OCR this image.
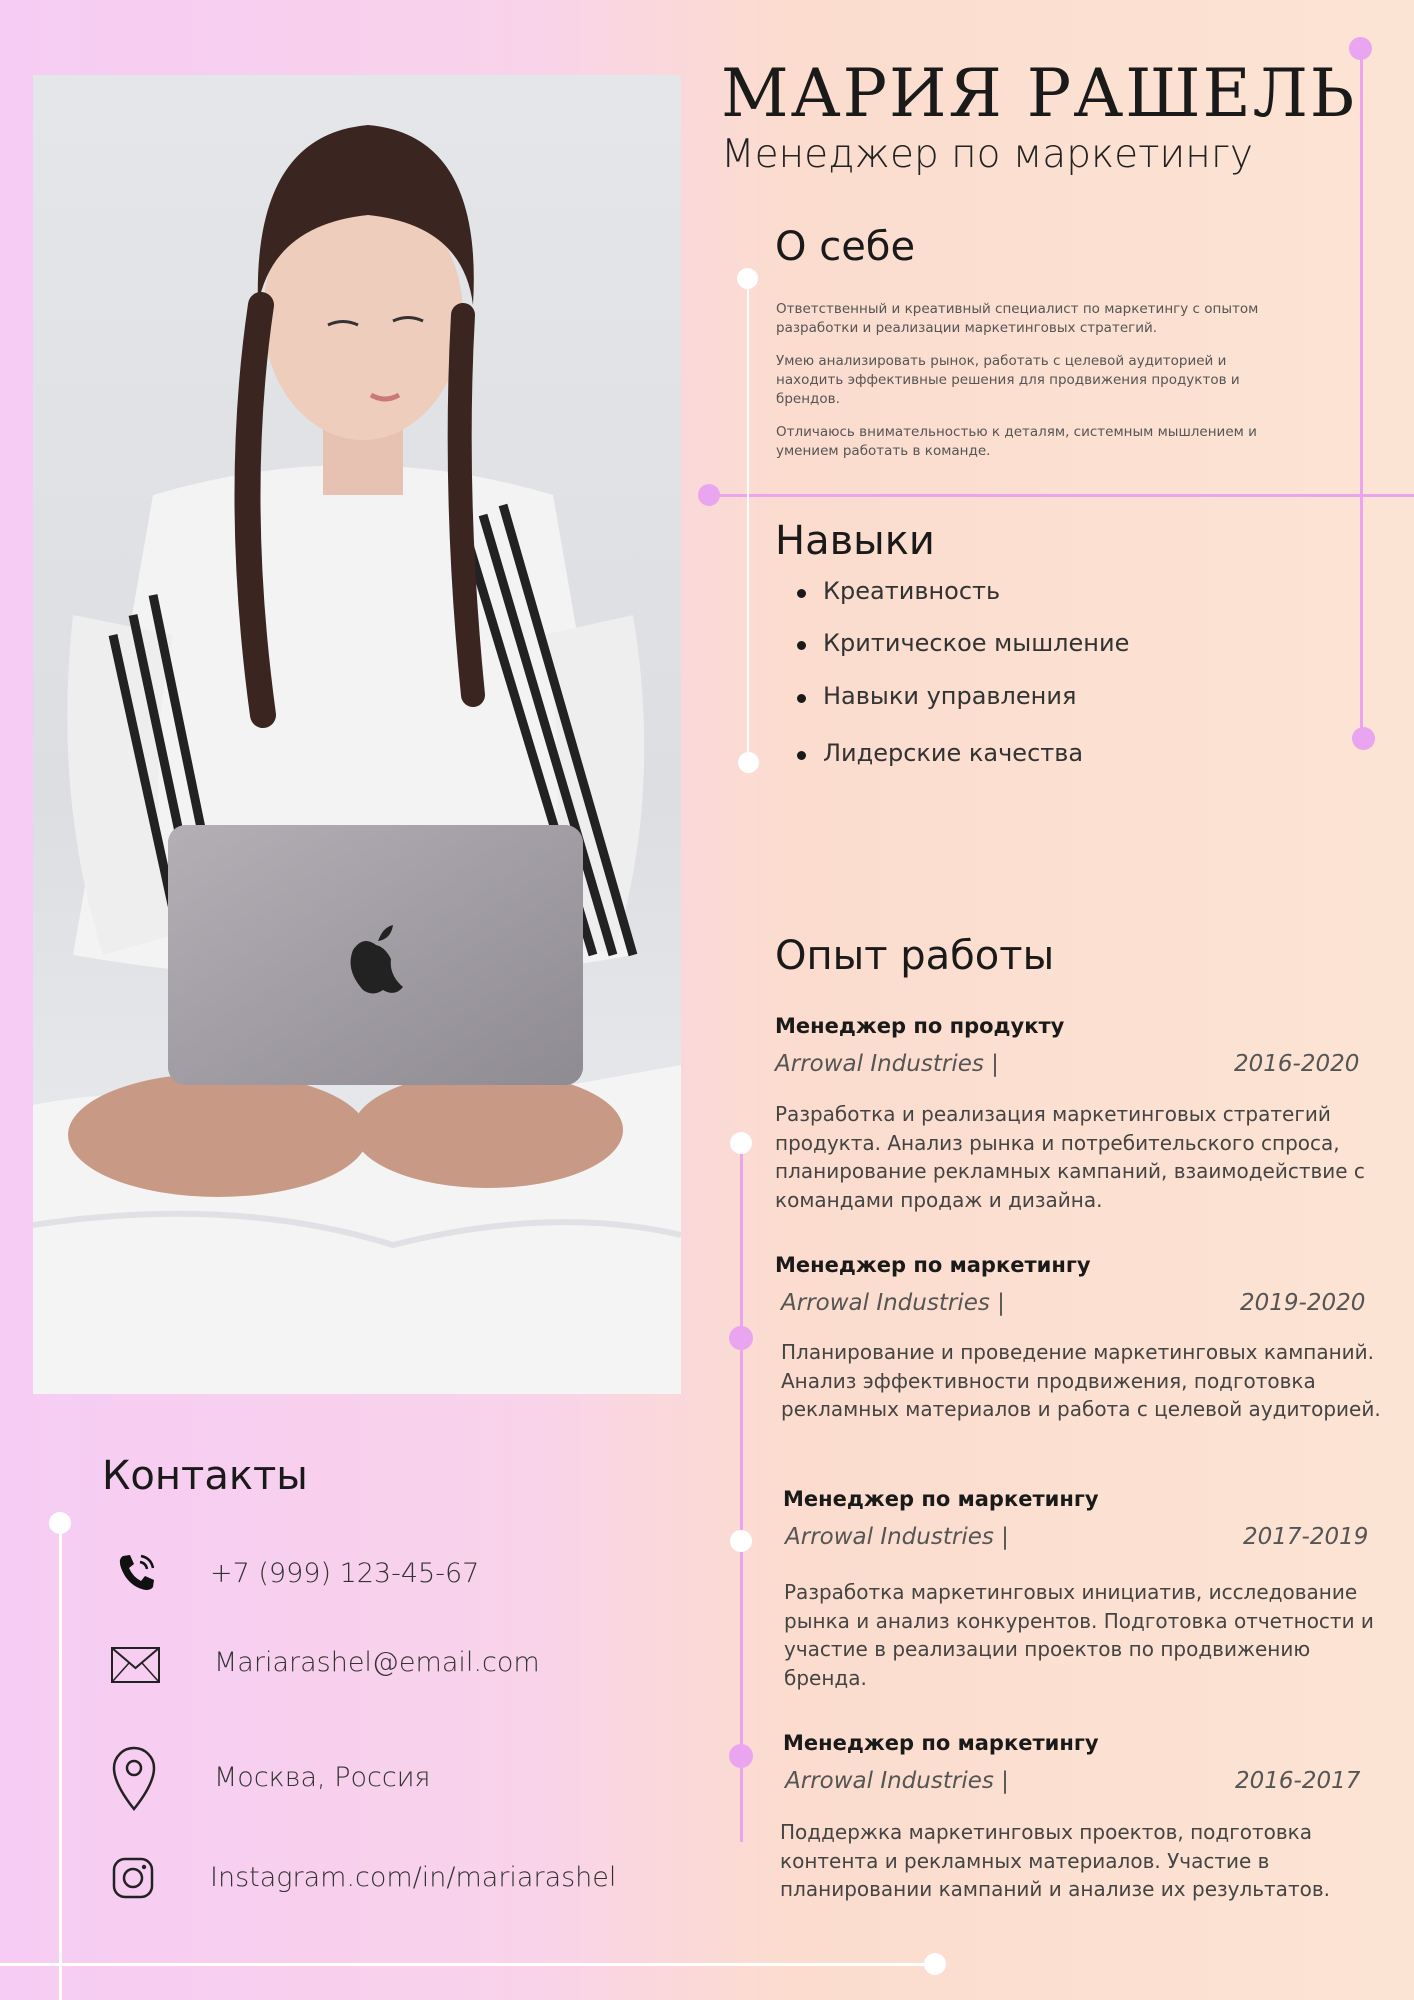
МАРИЯ РАШЕЛЬ
Менеджер по маркетингу
О себе

Ответственный и креативный специалист по маркетингу с опытом разработки и реализации маркетинговых стратегий.

Умею анализировать рынок, работать с целевой аудиторией и находить эффективные решения для продвижения продуктов и брендов.

Отличаюсь внимательностью к деталям, системным мышлением и умением работать в команде.

Навыки
Креативность
Критическое мышление
Навыки управления
Лидерские качества
Опыт работы
Менеджер по продукту
Arrowal Industries |	2016-2020
Разработка и реализация маркетинговых стратегий продукта. Анализ рынка и потребительского спроса, планирование рекламных кампаний, взаимодействие с командами продаж и дизайна.
Менеджер по маркетингу
Arrowal Industries |	2019-2020
Планирование и проведение маркетинговых кампаний. Анализ эффективности продвижения, подготовка рекламных материалов и работа с целевой аудиторией.
Менеджер по маркетингу
Arrowal Industries |	2017-2019
Разработка маркетинговых инициатив, исследование рынка и анализ конкурентов. Подготовка отчетности и участие в реализации проектов по продвижению бренда.
Менеджер по маркетингу
Arrowal Industries |	2016-2017
Поддержка маркетинговых проектов, подготовка контента и рекламных материалов. Участие в планировании кампаний и анализе их результатов.
Контакты
+7 (999) 123-45-67
Mariarashel@email.com
Москва, Россия
Instagram.com/in/mariarashel
